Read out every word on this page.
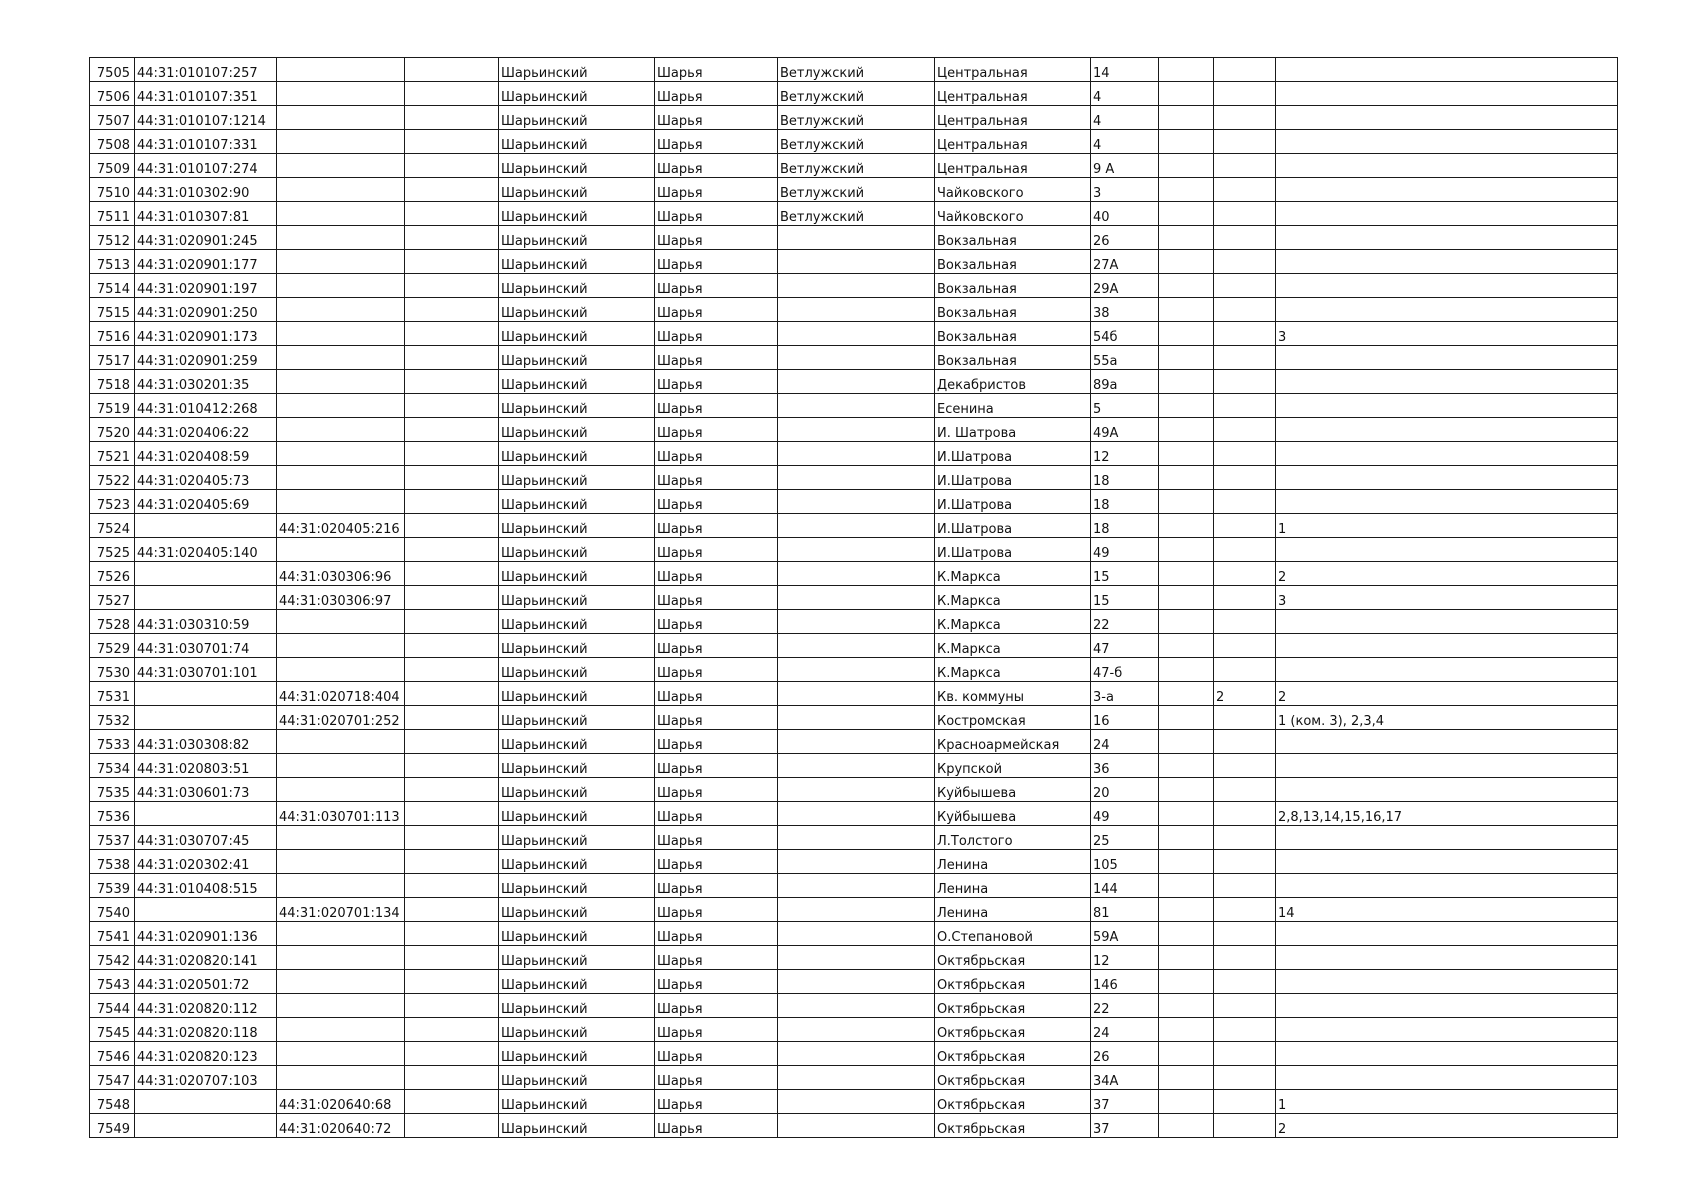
7505	44:31:010107:257			Шарьинский	Шарья	Ветлужский	Центральная	14			
7506	44:31:010107:351			Шарьинский	Шарья	Ветлужский	Центральная	4			
7507	44:31:010107:1214			Шарьинский	Шарья	Ветлужский	Центральная	4			
7508	44:31:010107:331			Шарьинский	Шарья	Ветлужский	Центральная	4			
7509	44:31:010107:274			Шарьинский	Шарья	Ветлужский	Центральная	9 А			
7510	44:31:010302:90			Шарьинский	Шарья	Ветлужский	Чайковского	3			
7511	44:31:010307:81			Шарьинский	Шарья	Ветлужский	Чайковского	40			
7512	44:31:020901:245			Шарьинский	Шарья		Вокзальная	26			
7513	44:31:020901:177			Шарьинский	Шарья		Вокзальная	27А			
7514	44:31:020901:197			Шарьинский	Шарья		Вокзальная	29А			
7515	44:31:020901:250			Шарьинский	Шарья		Вокзальная	38			
7516	44:31:020901:173			Шарьинский	Шарья		Вокзальная	54б			3
7517	44:31:020901:259			Шарьинский	Шарья		Вокзальная	55а			
7518	44:31:030201:35			Шарьинский	Шарья		Декабристов	89а			
7519	44:31:010412:268			Шарьинский	Шарья		Есенина	5			
7520	44:31:020406:22			Шарьинский	Шарья		И. Шатрова	49А			
7521	44:31:020408:59			Шарьинский	Шарья		И.Шатрова	12			
7522	44:31:020405:73			Шарьинский	Шарья		И.Шатрова	18			
7523	44:31:020405:69			Шарьинский	Шарья		И.Шатрова	18			
7524		44:31:020405:216		Шарьинский	Шарья		И.Шатрова	18			1
7525	44:31:020405:140			Шарьинский	Шарья		И.Шатрова	49			
7526		44:31:030306:96		Шарьинский	Шарья		К.Маркса	15			2
7527		44:31:030306:97		Шарьинский	Шарья		К.Маркса	15			3
7528	44:31:030310:59			Шарьинский	Шарья		К.Маркса	22			
7529	44:31:030701:74			Шарьинский	Шарья		К.Маркса	47			
7530	44:31:030701:101			Шарьинский	Шарья		К.Маркса	47-б			
7531		44:31:020718:404		Шарьинский	Шарья		Кв. коммуны	3-а		2	2
7532		44:31:020701:252		Шарьинский	Шарья		Костромская	16			1 (ком. 3), 2,3,4
7533	44:31:030308:82			Шарьинский	Шарья		Красноармейская	24			
7534	44:31:020803:51			Шарьинский	Шарья		Крупской	36			
7535	44:31:030601:73			Шарьинский	Шарья		Куйбышева	20			
7536		44:31:030701:113		Шарьинский	Шарья		Куйбышева	49			2,8,13,14,15,16,17
7537	44:31:030707:45			Шарьинский	Шарья		Л.Толстого	25			
7538	44:31:020302:41			Шарьинский	Шарья		Ленина	105			
7539	44:31:010408:515			Шарьинский	Шарья		Ленина	144			
7540		44:31:020701:134		Шарьинский	Шарья		Ленина	81			14
7541	44:31:020901:136			Шарьинский	Шарья		О.Степановой	59А			
7542	44:31:020820:141			Шарьинский	Шарья		Октябрьская	12			
7543	44:31:020501:72			Шарьинский	Шарья		Октябрьская	146			
7544	44:31:020820:112			Шарьинский	Шарья		Октябрьская	22			
7545	44:31:020820:118			Шарьинский	Шарья		Октябрьская	24			
7546	44:31:020820:123			Шарьинский	Шарья		Октябрьская	26			
7547	44:31:020707:103			Шарьинский	Шарья		Октябрьская	34А			
7548		44:31:020640:68		Шарьинский	Шарья		Октябрьская	37			1
7549		44:31:020640:72		Шарьинский	Шарья		Октябрьская	37			2
